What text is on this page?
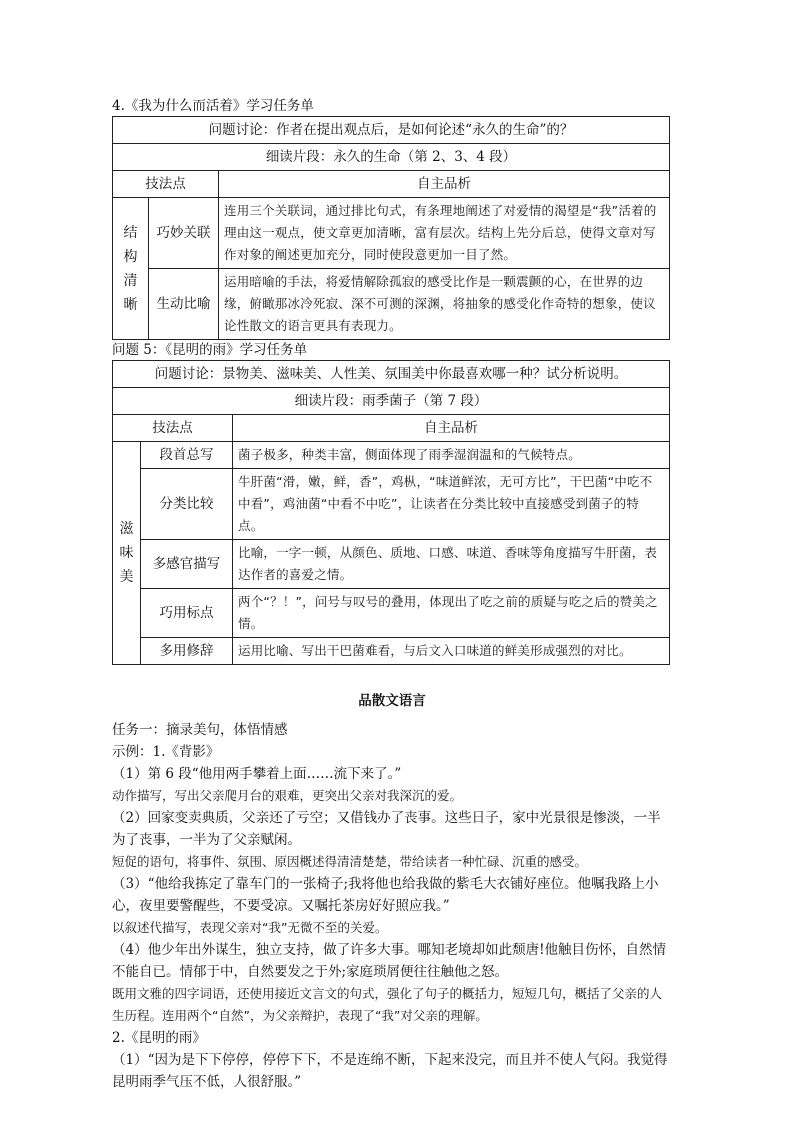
4.《我为什么而活着》学习任务单

问题讨论：作者在提出观点后，是如何论述“永久的生命”的？		
细读片段：永久的生命（第 2、3、4 段）		
技法点		自主品析

结
构
清
晰	巧妙关联	连用三个关联词，通过排比句式，有条理地阐述了对爱情的渴望是“我”活着的理由这一观点，使文章更加清晰，富有层次。结构上先分后总，使得文章对写作对象的阐述更加充分，同时使段意更加一目了然。
	生动比喻	运用暗喻的手法，将爱情解除孤寂的感受比作是一颗震颤的心，在世界的边缘，俯瞰那冰冷死寂、深不可测的深渊，将抽象的感受化作奇特的想象，使议论性散文的语言更具有表现力。

问题 5：《昆明的雨》学习任务单

问题讨论：景物美、滋味美、人性美、氛围美中你最喜欢哪一种？试分析说明。		
细读片段：雨季菌子（第 7 段）		
技法点		自主品析

滋
味
美	段首总写	菌子极多，种类丰富，侧面体现了雨季湿润温和的气候特点。
	分类比较	牛肝菌“滑，嫩，鲜，香”，鸡枞，“味道鲜浓，无可方比”，干巴菌“中吃不中看”，鸡油菌“中看不中吃”，让读者在分类比较中直接感受到菌子的特点。
	多感官描写	比喻，一字一顿，从颜色、质地、口感、味道、香味等角度描写牛肝菌，表达作者的喜爱之情。
	巧用标点	两个“？！”，问号与叹号的叠用，体现出了吃之前的质疑与吃之后的赞美之情。
	多用修辞	运用比喻、写出干巴菌难看，与后文入口味道的鲜美形成强烈的对比。
品散文语言

任务一：摘录美句，体悟情感

示例：1.《背影》

（1）第 6 段“他用两手攀着上面……流下来了。”

动作描写，写出父亲爬月台的艰难，更突出父亲对我深沉的爱。

（2）回家变卖典质，父亲还了亏空；又借钱办了丧事。这些日子，家中光景很是惨淡，一半为了丧事，一半为了父亲赋闲。

短促的语句，将事件、氛围、原因概述得清清楚楚，带给读者一种忙碌、沉重的感受。

（3）“他给我拣定了靠车门的一张椅子;我将他也给我做的紫毛大衣铺好座位。他嘱我路上小心，夜里要警醒些，不要受凉。又嘱托茶房好好照应我。”

以叙述代描写，表现父亲对“我”无微不至的关爱。

（4）他少年出外谋生，独立支持，做了许多大事。哪知老境却如此颓唐!他触目伤怀，自然情不能自已。情郁于中，自然要发之于外;家庭琐屑便往往触他之怒。

既用文雅的四字词语，还使用接近文言文的句式，强化了句子的概括力，短短几句，概括了父亲的人生历程。连用两个“自然”，为父亲辩护，表现了“我”对父亲的理解。

2.《昆明的雨》

（1）“因为是下下停停，停停下下，不是连绵不断，下起来没完，而且并不使人气闷。我觉得昆明雨季气压不低，人很舒服。”
